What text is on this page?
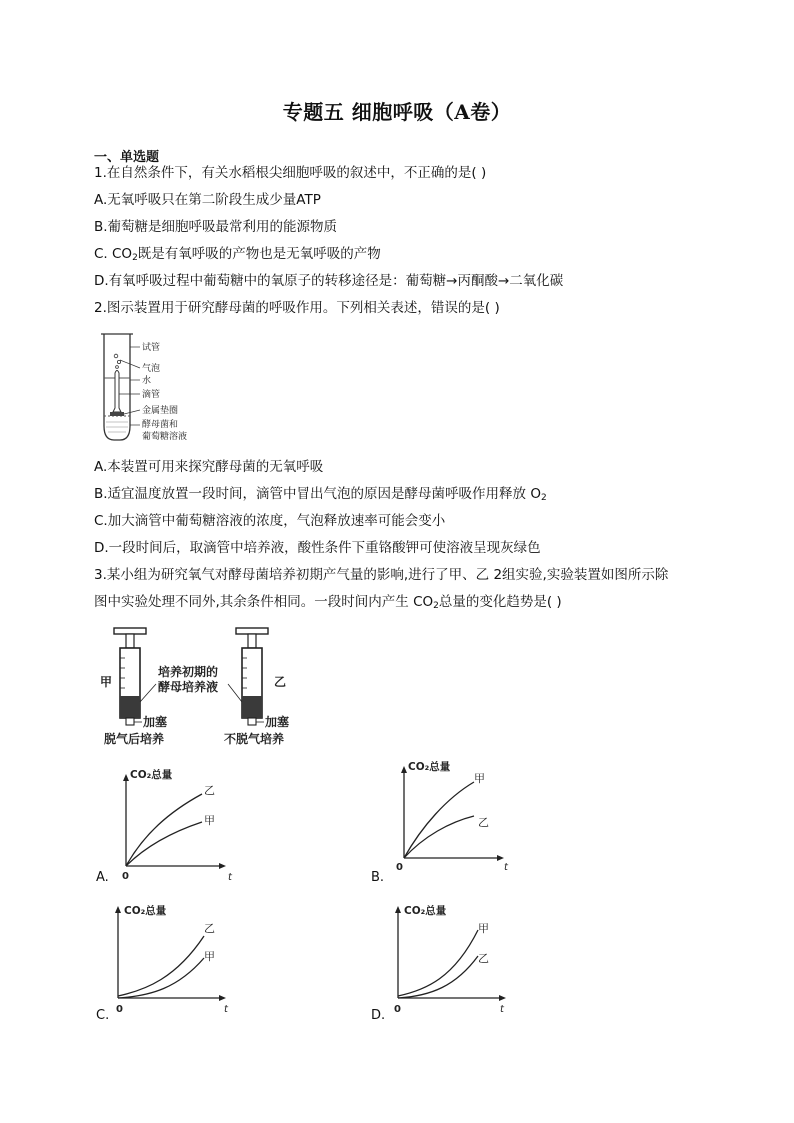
专题五 细胞呼吸（A卷）
一、单选题
1.在自然条件下，有关水稻根尖细胞呼吸的叙述中，不正确的是( )
A.无氧呼吸只在第二阶段生成少量ATP
B.葡萄糖是细胞呼吸最常利用的能源物质
C. $CO_2$既是有氧呼吸的产物也是无氧呼吸的产物
D.有氧呼吸过程中葡萄糖中的氧原子的转移途径是：葡萄糖→丙酮酸→二氧化碳
2.图示装置用于研究酵母菌的呼吸作用。下列相关表述，错误的是( )
试管
气泡
水
滴管
金属垫圈
酵母菌和
葡萄糖溶液
A.本装置可用来探究酵母菌的无氧呼吸
B.适宜温度放置一段时间，滴管中冒出气泡的原因是酵母菌呼吸作用释放 $O_2$
C.加大滴管中葡萄糖溶液的浓度，气泡释放速率可能会变小
D.一段时间后，取滴管中培养液，酸性条件下重铬酸钾可使溶液呈现灰绿色
3.某小组为研究氧气对酵母菌培养初期产气量的影响,进行了甲、乙 2组实验,实验装置如图所示除
图中实验处理不同外,其余条件相同。一段时间内产生 $CO_2$总量的变化趋势是( )
甲	乙
培养初期的
酵母培养液
加塞	加塞
脱气后培养	不脱气培养
A.
CO₂总量
乙
甲
0	t	B.
CO₂总量
甲
乙
0	t
C.
CO₂总量
乙
甲
0	t	D.
CO₂总量
甲
乙
0	t
